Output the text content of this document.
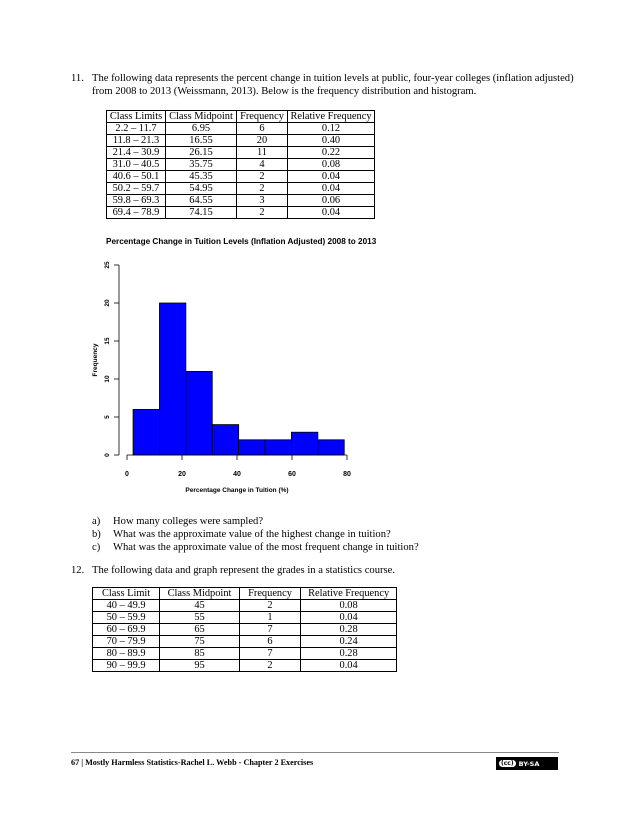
11. The following data represents the percent change in tuition levels at public, four-year colleges (inflation adjusted)
from 2008 to 2013 (Weissmann, 2013). Below is the frequency distribution and histogram.
Class Limits	Class Midpoint	Frequency	Relative Frequency
2.2 – 11.7	6.95	6	0.12
11.8 – 21.3	16.55	20	0.40
21.4 – 30.9	26.15	11	0.22
31.0 – 40.5	35.75	4	0.08
40.6 – 50.1	45.35	2	0.04
50.2 – 59.7	54.95	2	0.04
59.8 – 69.3	64.55	3	0.06
69.4 – 78.9	74.15	2	0.04
Percentage Change in Tuition Levels (Inflation Adjusted) 2008 to 2013
0	20	40	60	80
0
5
10
15
20
25
Percentage Change in Tuition (%)
Frequency
a) How many colleges were sampled?
b) What was the approximate value of the highest change in tuition?
c) What was the approximate value of the most frequent change in tuition?
12. The following data and graph represent the grades in a statistics course.
Class Limit	Class Midpoint	Frequency	Relative Frequency
40 – 49.9	45	2	0.08
50 – 59.9	55	1	0.04
60 – 69.9	65	7	0.28
70 – 79.9	75	6	0.24
80 – 89.9	85	7	0.28
90 – 99.9	95	2	0.04
67 | Mostly Harmless Statistics-Rachel L. Webb - Chapter 2 Exercises	(cc) BY-SA
